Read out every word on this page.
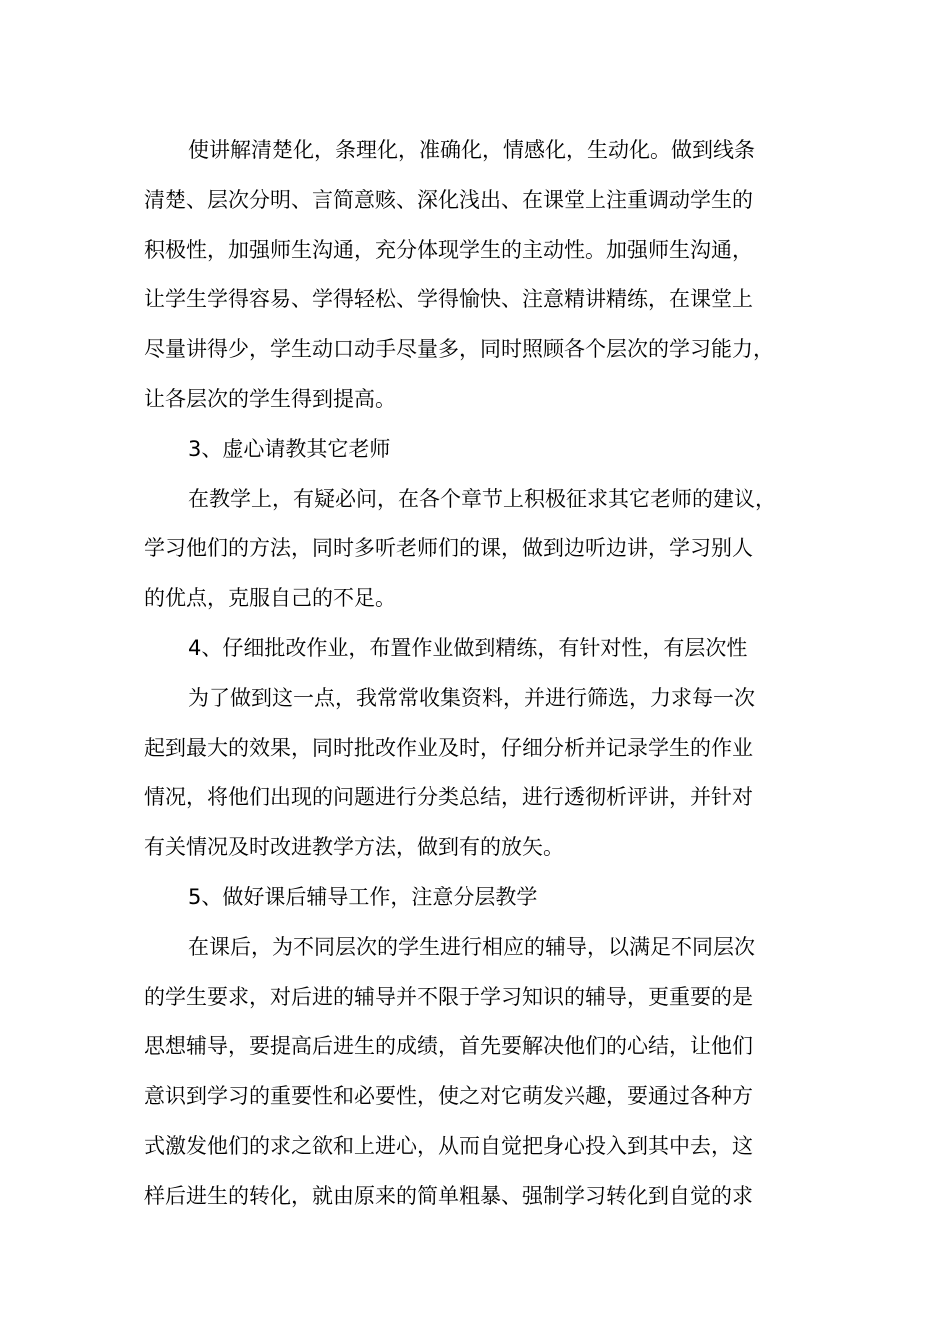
使讲解清楚化，条理化，准确化，情感化，生动化。做到线条
清楚、层次分明、言简意赅、深化浅出、在课堂上注重调动学生的
积极性，加强师生沟通，充分体现学生的主动性。加强师生沟通，
让学生学得容易、学得轻松、学得愉快、注意精讲精练，在课堂上
尽量讲得少，学生动口动手尽量多，同时照顾各个层次的学习能力，
让各层次的学生得到提高。
3、虚心请教其它老师
在教学上，有疑必问，在各个章节上积极征求其它老师的建议，
学习他们的方法，同时多听老师们的课，做到边听边讲，学习别人
的优点，克服自己的不足。
4、仔细批改作业，布置作业做到精练，有针对性，有层次性
为了做到这一点，我常常收集资料，并进行筛选，力求每一次
起到最大的效果，同时批改作业及时，仔细分析并记录学生的作业
情况，将他们出现的问题进行分类总结，进行透彻析评讲，并针对
有关情况及时改进教学方法，做到有的放矢。
5、做好课后辅导工作，注意分层教学
在课后，为不同层次的学生进行相应的辅导，以满足不同层次
的学生要求，对后进的辅导并不限于学习知识的辅导，更重要的是
思想辅导，要提高后进生的成绩，首先要解决他们的心结，让他们
意识到学习的重要性和必要性，使之对它萌发兴趣，要通过各种方
式激发他们的求之欲和上进心，从而自觉把身心投入到其中去，这
样后进生的转化，就由原来的简单粗暴、强制学习转化到自觉的求
